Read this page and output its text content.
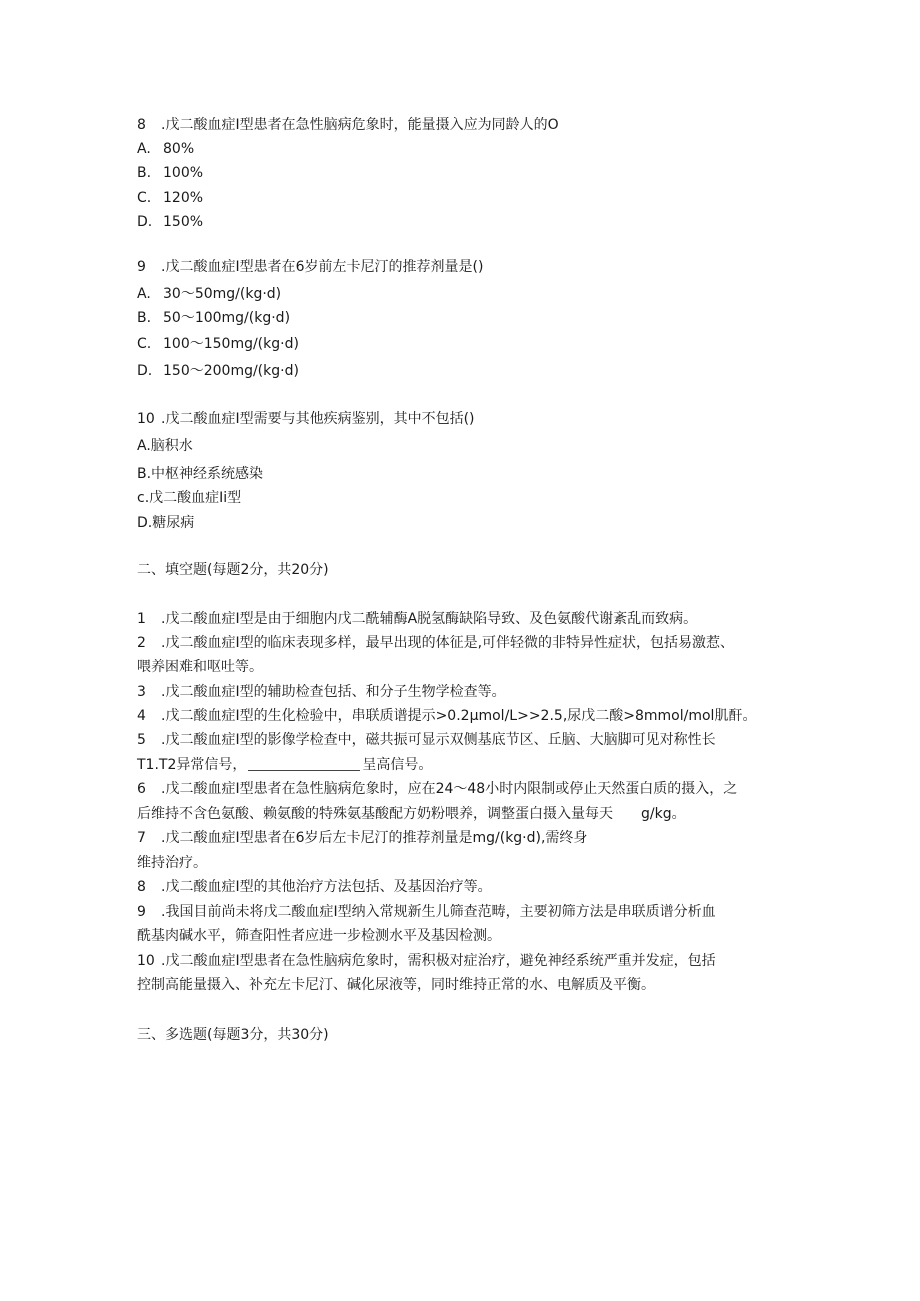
8 .戊二酸血症I型患者在急性脑病危象时，能量摄入应为同龄人的O
A. 80%
B. 100%
C. 120%
D. 150%
9 .戊二酸血症I型患者在6岁前左卡尼汀的推荐剂量是()
A. 30〜50mg∕(kg·d)
B. 50〜100mg∕(kg·d)
C. 100〜150mg∕(kg·d)
D. 150〜200mg∕(kg·d)
10 .戊二酸血症I型需要与其他疾病鉴别，其中不包括()
A.脑积水
B.中枢神经系统感染
c.戊二酸血症Ii型
D.糖尿病
二、填空题(每题2分，共20分)
1 .戊二酸血症I型是由于细胞内戊二酰辅酶A脱氢酶缺陷导致、及色氨酸代谢紊乱而致病。
2 .戊二酸血症I型的临床表现多样，最早出现的体征是,可伴轻微的非特异性症状，包括易激惹、
喂养困难和呕吐等。
3 .戊二酸血症I型的辅助检查包括、和分子生物学检查等。
4 .戊二酸血症I型的生化检验中，串联质谱提示>0.2μmol∕L>>2.5,尿戊二酸>8mmol∕mol肌酐。
5 .戊二酸血症I型的影像学检查中，磁共振可显示双侧基底节区、丘脑、大脑脚可见对称性长
T1.T2异常信号，	呈高信号。
6 .戊二酸血症I型患者在急性脑病危象时，应在24〜48小时内限制或停止天然蛋白质的摄入，之
后维持不含色氨酸、赖氨酸的特殊氨基酸配方奶粉喂养，调整蛋白摄入量每天 g/kg。
7 .戊二酸血症I型患者在6岁后左卡尼汀的推荐剂量是mg∕(kg·d),需终身
维持治疗。
8 .戊二酸血症I型的其他治疗方法包括、及基因治疗等。
9 .我国目前尚未将戊二酸血症I型纳入常规新生儿筛查范畴，主要初筛方法是串联质谱分析血
酰基肉碱水平，筛查阳性者应进一步检测水平及基因检测。
10 .戊二酸血症I型患者在急性脑病危象时，需积极对症治疗，避免神经系统严重并发症，包括
控制高能量摄入、补充左卡尼汀、碱化尿液等，同时维持正常的水、电解质及平衡。
三、多选题(每题3分，共30分)
